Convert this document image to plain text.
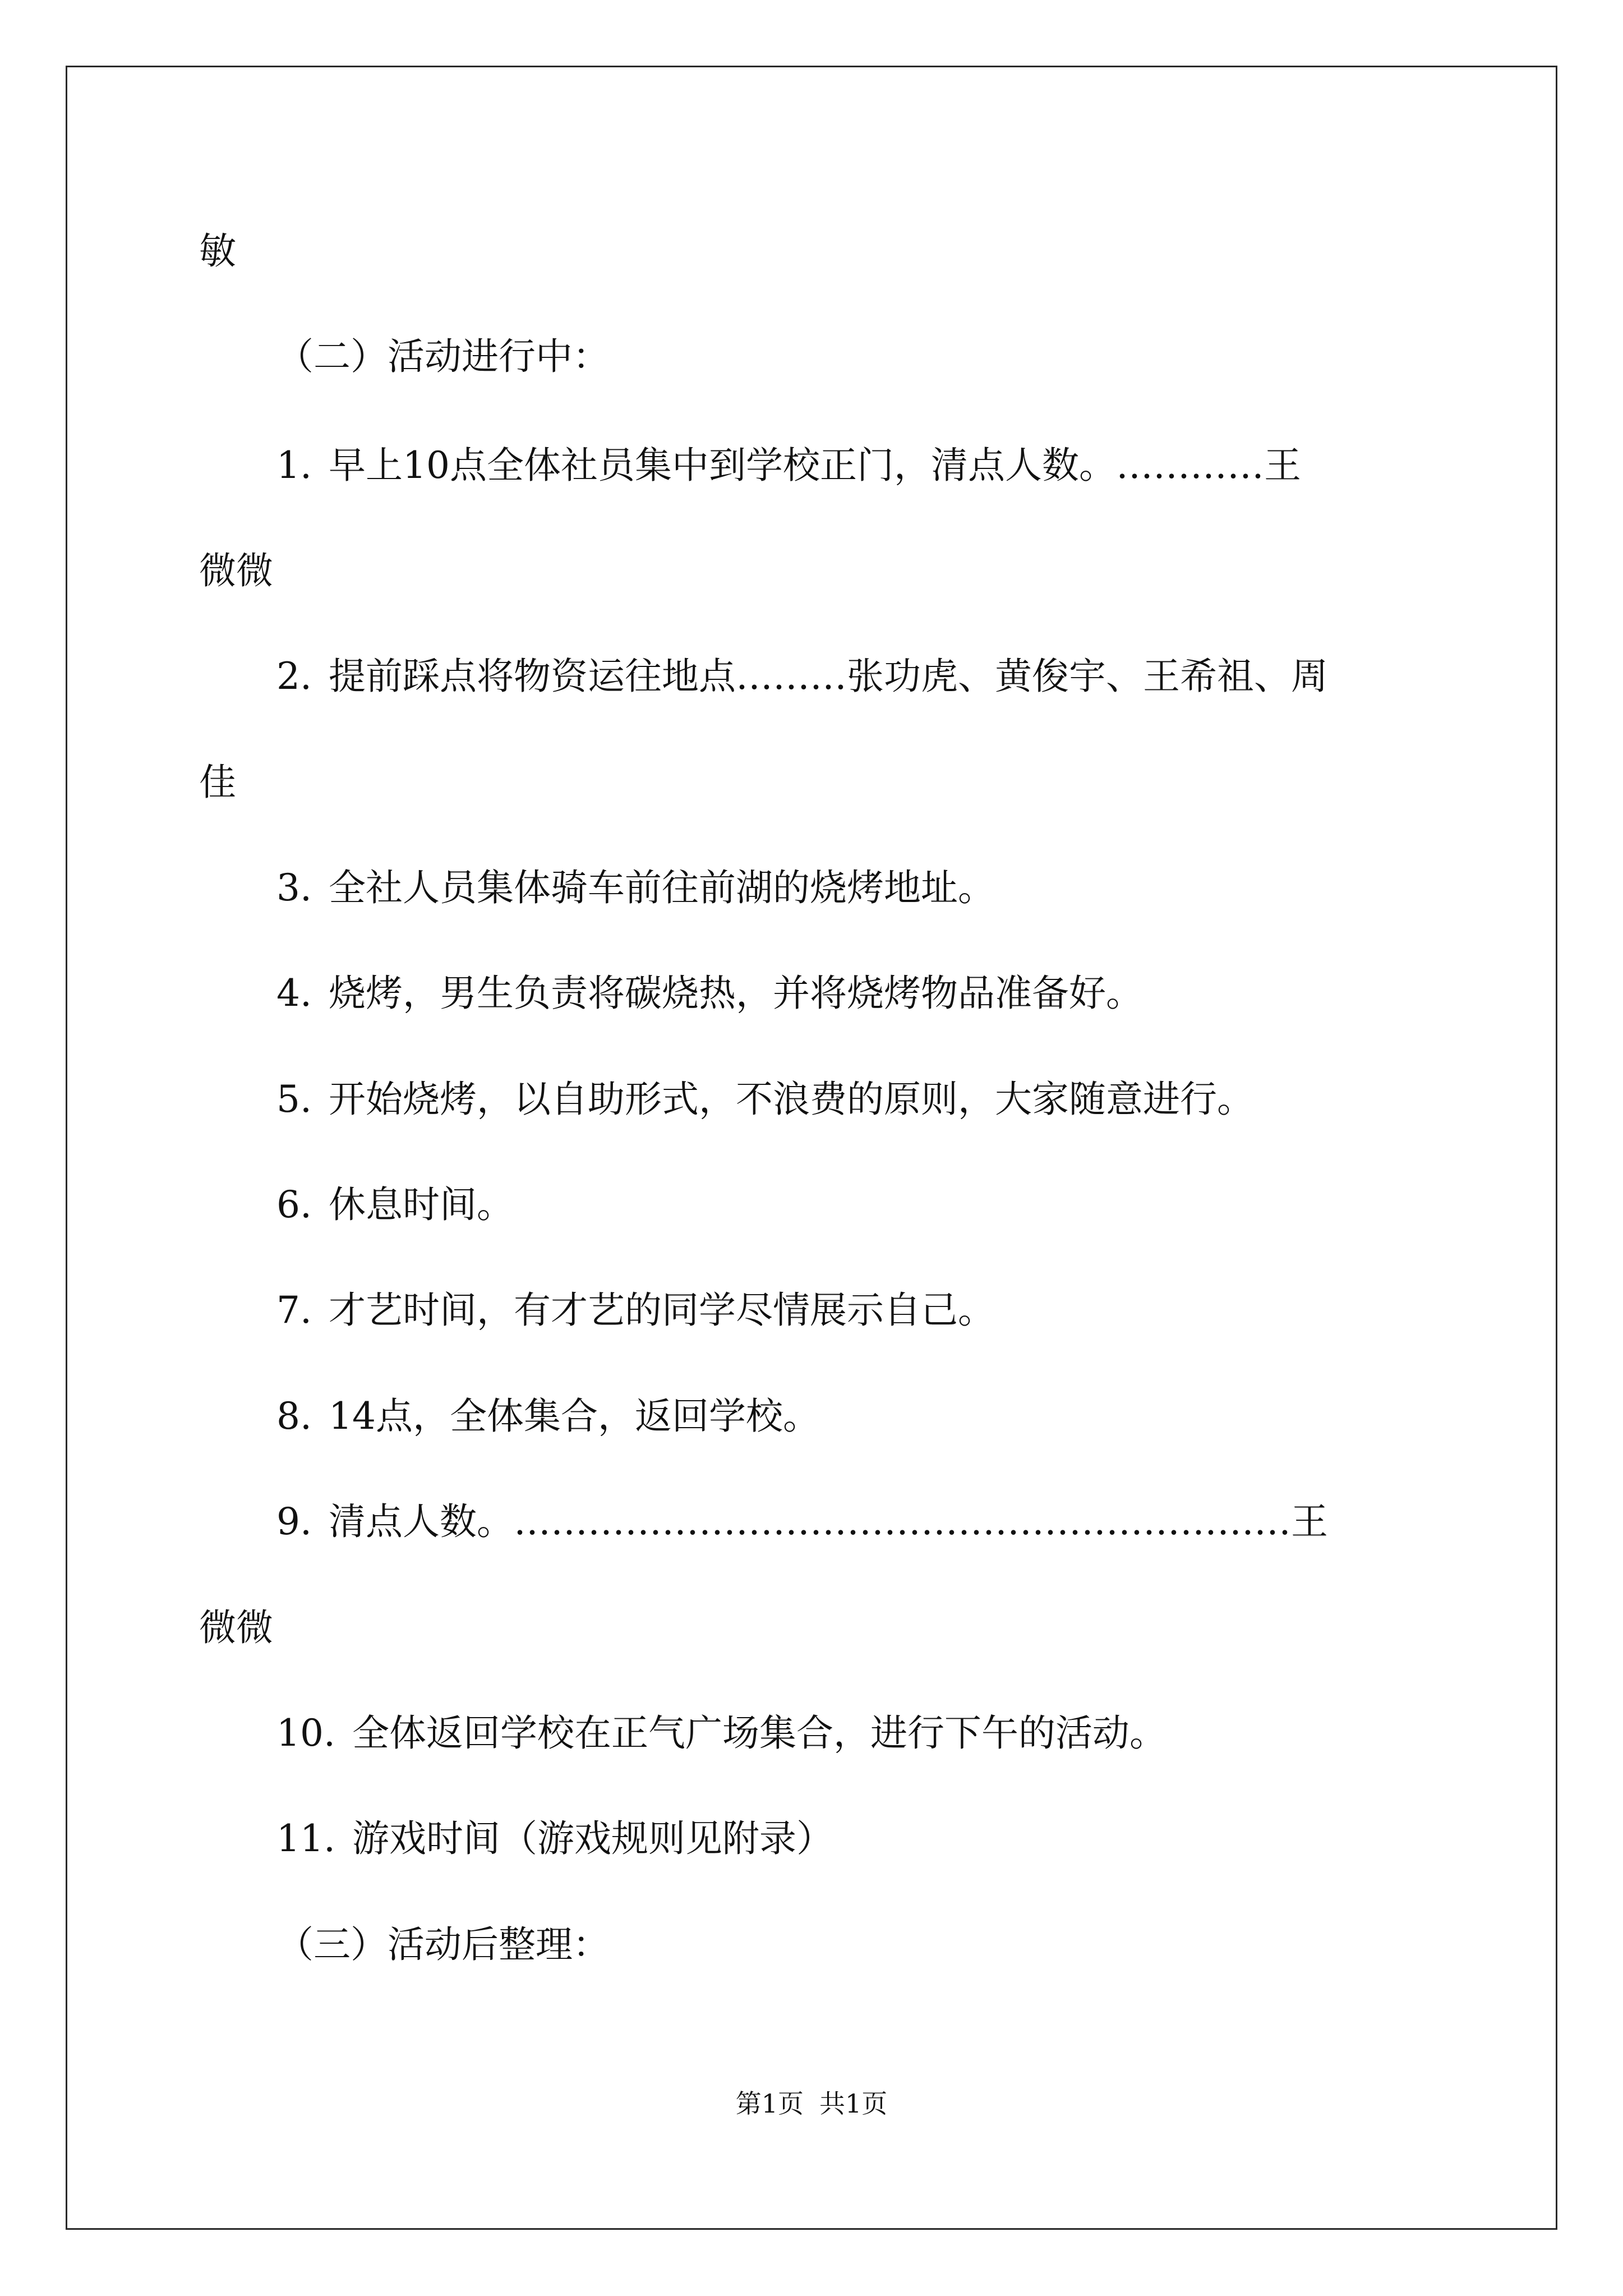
敏
（二）活动进行中：
1. 早上10点全体社员集中到学校正门，清点人数。…………王
微微
2. 提前踩点将物资运往地点………张功虎、黄俊宇、王希祖、周
佳
3. 全社人员集体骑车前往前湖的烧烤地址。
4. 烧烤，男生负责将碳烧热，并将烧烤物品准备好。
5. 开始烧烤，以自助形式，不浪费的原则，大家随意进行。
6. 休息时间。
7. 才艺时间，有才艺的同学尽情展示自己。
8. 14点，全体集合，返回学校。
9. 清点人数。………………………………………………………王
微微
10. 全体返回学校在正气广场集合，进行下午的活动。
11. 游戏时间（游戏规则见附录）
（三）活动后整理：
第1页 共1页
